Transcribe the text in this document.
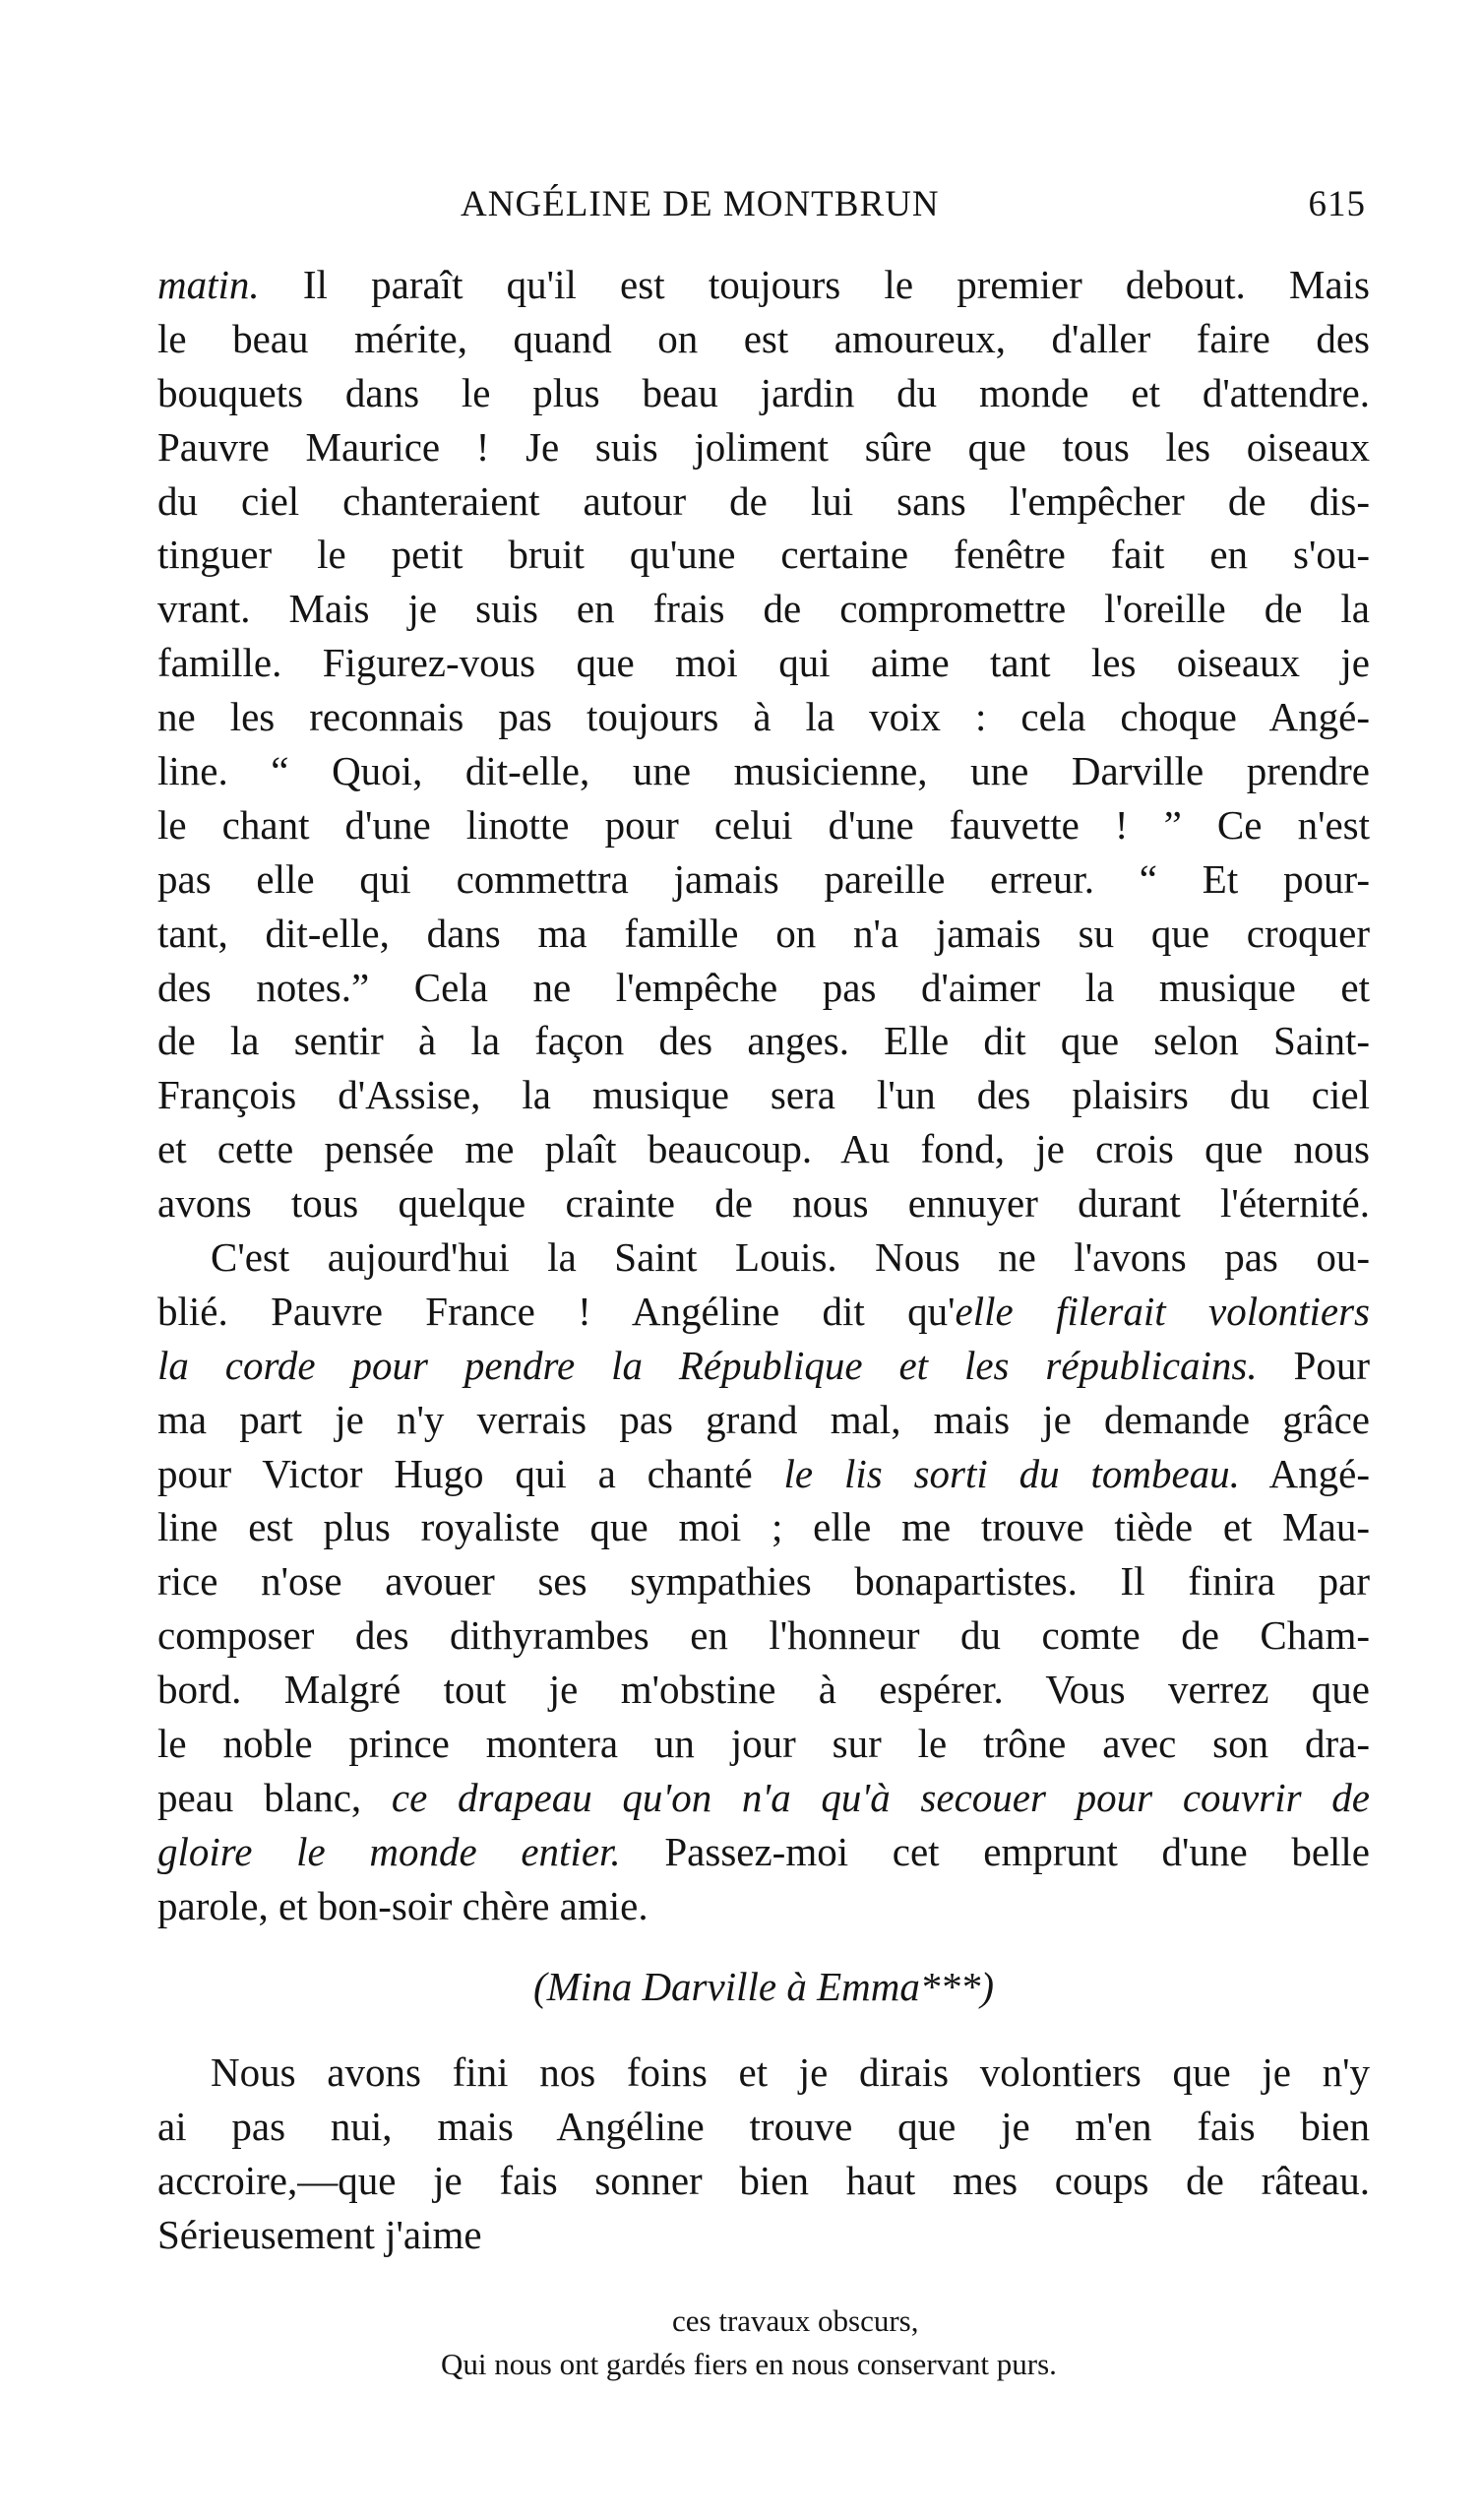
ANGÉLINE DE MONTBRUN	615
matin. Il paraît qu'il est toujours le premier debout. Mais
le beau mérite, quand on est amoureux, d'aller faire des
bouquets dans le plus beau jardin du monde et d'attendre.
Pauvre Maurice ! Je suis joliment sûre que tous les oiseaux
du ciel chanteraient autour de lui sans l'empêcher de dis-
tinguer le petit bruit qu'une certaine fenêtre fait en s'ou-
vrant. Mais je suis en frais de compromettre l'oreille de la
famille. Figurez-vous que moi qui aime tant les oiseaux je
ne les reconnais pas toujours à la voix : cela choque Angé-
line. “ Quoi, dit-elle, une musicienne, une Darville prendre
le chant d'une linotte pour celui d'une fauvette ! ” Ce n'est
pas elle qui commettra jamais pareille erreur. “ Et pour-
tant, dit-elle, dans ma famille on n'a jamais su que croquer
des notes.” Cela ne l'empêche pas d'aimer la musique et
de la sentir à la façon des anges. Elle dit que selon Saint-
François d'Assise, la musique sera l'un des plaisirs du ciel
et cette pensée me plaît beaucoup. Au fond, je crois que nous
avons tous quelque crainte de nous ennuyer durant l'éternité.
C'est aujourd'hui la Saint Louis. Nous ne l'avons pas ou-
blié. Pauvre France ! Angéline dit qu'elle filerait volontiers
la corde pour pendre la République et les républicains. Pour
ma part je n'y verrais pas grand mal, mais je demande grâce
pour Victor Hugo qui a chanté le lis sorti du tombeau. Angé-
line est plus royaliste que moi ; elle me trouve tiède et Mau-
rice n'ose avouer ses sympathies bonapartistes. Il finira par
composer des dithyrambes en l'honneur du comte de Cham-
bord. Malgré tout je m'obstine à espérer. Vous verrez que
le noble prince montera un jour sur le trône avec son dra-
peau blanc, ce drapeau qu'on n'a qu'à secouer pour couvrir de
gloire le monde entier. Passez-moi cet emprunt d'une belle
parole, et bon-soir chère amie.
(Mina Darville à Emma***)
Nous avons fini nos foins et je dirais volontiers que je n'y
ai pas nui, mais Angéline trouve que je m'en fais bien
accroire,—que je fais sonner bien haut mes coups de râteau.
Sérieusement j'aime
ces travaux obscurs,
Qui nous ont gardés fiers en nous conservant purs.
